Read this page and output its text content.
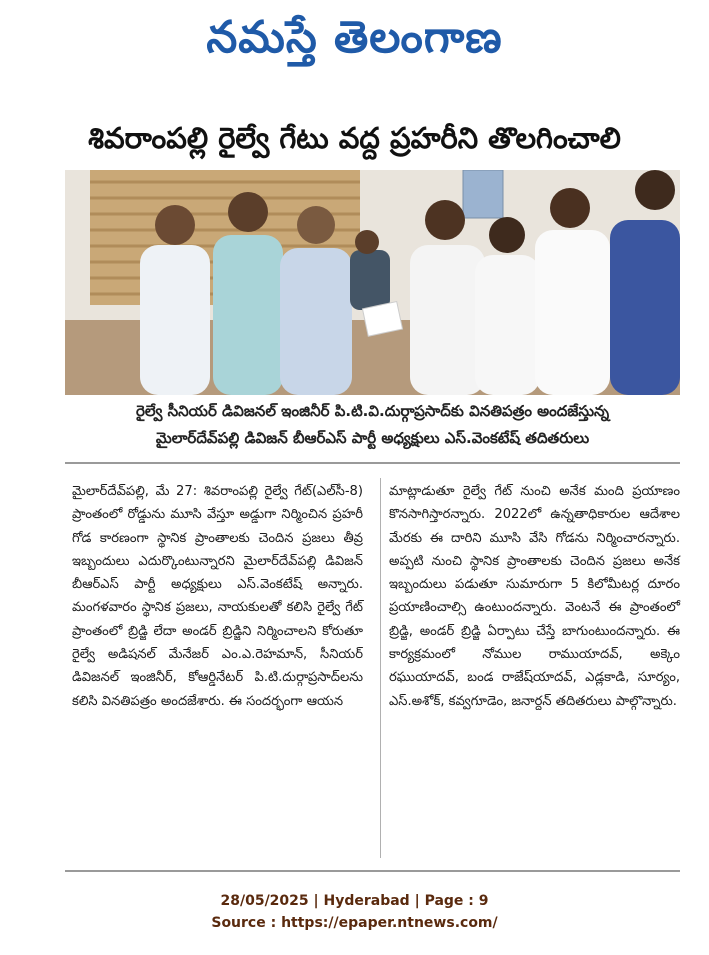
నమస్తే తెలంగాణ
శివరాంపల్లి రైల్వే గేటు వద్ద ప్రహరీని తొలగించాలి
రైల్వే సీనియర్ డివిజనల్ ఇంజినీర్ పి.టి.వి.దుర్గాప్రసాద్‌కు వినతిపత్రం అందజేస్తున్న
మైలార్‌దేవ్‌పల్లి డివిజన్ బీఆర్‌ఎస్ పార్టీ అధ్యక్షులు ఎస్.వెంకటేష్ తదితరులు

మైలార్‌దేవ్‌పల్లి, మే 27: శివరాంపల్లి రైల్వే గేట్(ఎల్‌సీ-8) ప్రాంతంలో రోడ్డును మూసి వేస్తూ అడ్డుగా నిర్మించిన ప్రహరీ గోడ కారణంగా స్థానిక ప్రాంతాలకు చెందిన ప్రజలు తీవ్ర ఇబ్బందులు ఎదుర్కొంటున్నారని మైలార్‌దేవ్‌పల్లి డివిజన్ బీఆర్‌ఎస్ పార్టీ అధ్యక్షులు ఎస్.వెంకటేష్ అన్నారు. మంగళవారం స్థానిక ప్రజలు, నాయకులతో కలిసి రైల్వే గేట్ ప్రాంతంలో బ్రిడ్జి లేదా అండర్ బ్రిడ్జిని నిర్మించాలని కోరుతూ రైల్వే అడిషనల్ మేనేజర్ ఎం.ఎ.రెహమాన్, సీనియర్ డివిజనల్ ఇంజినీర్, కోఆర్డినేటర్ పి.టి.దుర్గాప్రసాద్‌లను కలిసి వినతిపత్రం అందజేశారు. ఈ సందర్భంగా ఆయన

మాట్లాడుతూ రైల్వే గేట్ నుంచి అనేక మంది ప్రయాణం కొనసాగిస్తారన్నారు. 2022లో ఉన్నతాధికారుల ఆదేశాల మేరకు ఈ దారిని మూసి వేసి గోడను నిర్మించారన్నారు. అప్పటి నుంచి స్థానిక ప్రాంతాలకు చెందిన ప్రజలు అనేక ఇబ్బందులు పడుతూ సుమారుగా 5 కిలోమీటర్ల దూరం ప్రయాణించాల్సి ఉంటుందన్నారు. వెంటనే ఈ ప్రాంతంలో బ్రిడ్జి, అండర్ బ్రిడ్జి ఏర్పాటు చేస్తే బాగుంటుందన్నారు. ఈ కార్యక్రమంలో నోముల రాముయాదవ్, అక్కెం రఘుయాదవ్, బండ రాజేష్‌యాదవ్, ఎడ్లకాడి, సూర్యం, ఎస్.అశోక్, కవ్వగూడెం, జనార్దన్ తదితరులు పాల్గొన్నారు.

28/05/2025 | Hyderabad | Page : 9
Source : https://epaper.ntnews.com/
